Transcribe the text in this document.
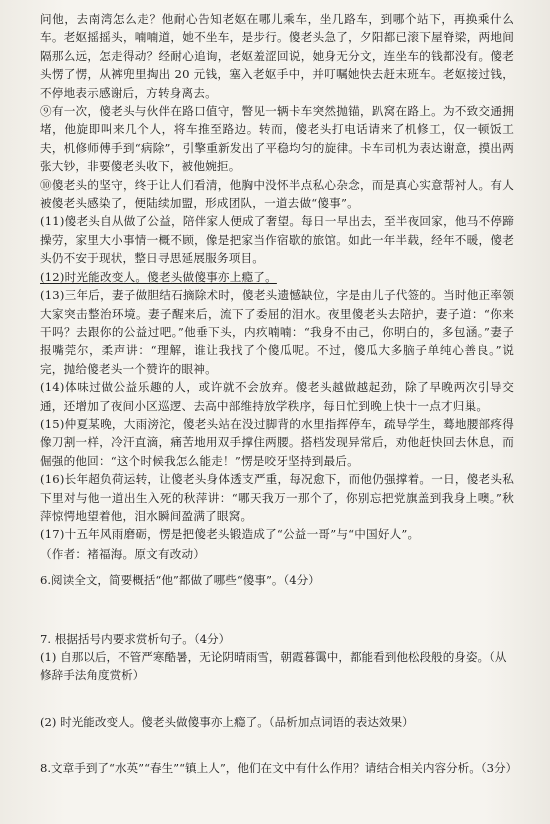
问他，去南湾怎么走？他耐心告知老妪在哪儿乘车，坐几路车，到哪个站下，再换乘什么车。老妪摇摇头，喃喃道，她不坐车，是步行。傻老头急了，夕阳都已滚下屋脊梁，两地间隔那么远，怎走得动？经耐心追询，老妪羞涩回说，她身无分文，连坐车的钱都没有。傻老头愣了愣，从裤兜里掏出 20 元钱，塞入老妪手中，并叮嘱她快去赶末班车。老妪接过钱，不停地表示感谢后，方转身离去。

⑨有一次，傻老头与伙伴在路口值守，瞥见一辆卡车突然抛锚，趴窝在路上。为不致交通拥堵，他旋即叫来几个人，将车推至路边。转而，傻老头打电话请来了机修工，仅一顿饭工夫，机修师傅手到“病除”，引擎重新发出了平稳均匀的旋律。卡车司机为表达谢意，摸出两张大钞，非要傻老头收下，被他婉拒。

⑩傻老头的坚守，终于让人们看清，他胸中没怀半点私心杂念，而是真心实意帮衬人。有人被傻老头感染了，便陆续加盟，形成团队，一道去做“傻事”。

(11)傻老头自从做了公益，陪伴家人便成了奢望。每日一早出去，至半夜回家，他马不停蹄操劳，家里大小事情一概不顾，像是把家当作宿歇的旅馆。如此一年半载，经年不暖，傻老头仍不安于现状，整日寻思延展服务项目。

(12)时光能改变人。傻老头做傻事亦上瘾了。

(13)三年后，妻子做胆结石摘除术时，傻老头遗憾缺位，字是由儿子代签的。当时他正率领大家突击整治环境。妻子醒来后，流下了委屈的泪水。夜里傻老头去陪护，妻子道：“你来干吗？去跟你的公益过吧。”他垂下头，内疚喃喃：“我身不由己，你明白的，多包涵。”妻子报嘴莞尔，柔声讲：“理解，谁让我找了个傻瓜呢。不过，傻瓜大多脑子单纯心善良。”说完，抛给傻老头一个赞许的眼神。

(14)体味过做公益乐趣的人，或许就不会放弃。傻老头越做越起劲，除了早晚两次引导交通，还增加了夜间小区巡逻、去高中部维持放学秩序，每日忙到晚上快十一点才归巢。

(15)仲夏某晚，大雨滂沱，傻老头站在没过脚背的水里指挥停车，疏导学生，蓦地腰部疼得像刀割一样，冷汗直滴，痛苦地用双手撑住两腰。搭档发现异常后，劝他赶快回去休息，而倔强的他回：“这个时候我怎么能走！”愣是咬牙坚持到最后。

(16)长年超负荷运转，让傻老头身体透支严重，每况愈下，而他仍强撑着。一日，傻老头私下里对与他一道出生入死的秋萍讲：“哪天我万一那个了，你别忘把党旗盖到我身上噢。”秋萍惊愕地望着他，泪水瞬间盈满了眼窝。

(17)十五年风雨磨砺，愣是把傻老头锻造成了“公益一哥”与“中国好人”。

（作者：褚福海。原文有改动）

6.阅读全文，简要概括“他”都做了哪些“傻事”。（4分）

7. 根据括号内要求赏析句子。（4分）

(1) 自那以后，不管严寒酷暑，无论阴晴雨雪，朝霞暮霭中，都能看到他松段般的身姿。（从修辞手法角度赏析）

(2) 时光能改变人。傻老头做傻事亦上瘾了。（品析加点词语的表达效果）

8.文章手到了“水英”“春生”“镇上人”，他们在文中有什么作用？请结合相关内容分析。（3分）
